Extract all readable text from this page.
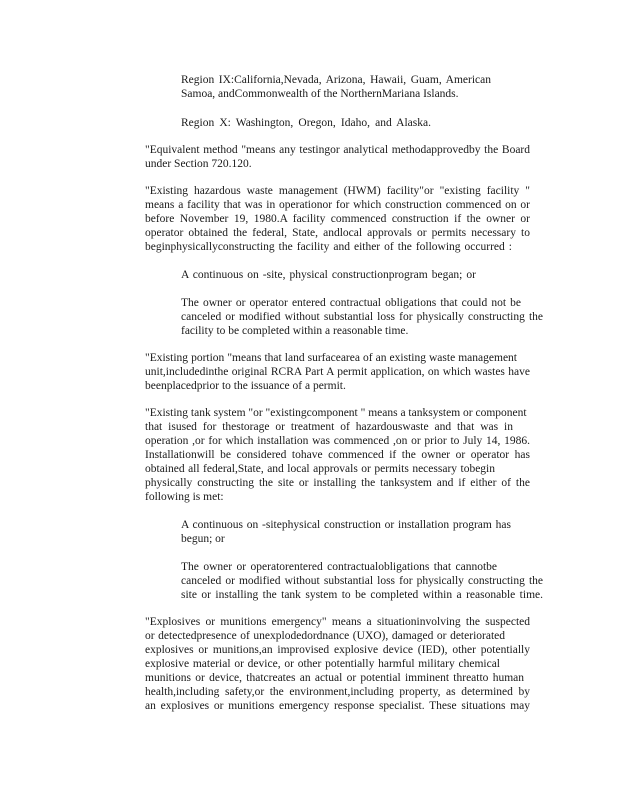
Region IX:California,Nevada, Arizona, Hawaii, Guam, American
Samoa, andCommonwealth of the NorthernMariana Islands.
Region X: Washington, Oregon, Idaho, and Alaska.
"Equivalent method "means any testingor analytical methodapprovedby the Board
under Section 720.120.
"Existing hazardous waste management (HWM) facility"or "existing facility "
means a facility that was in operationor for which construction commenced on or
before November 19, 1980.A facility commenced construction if the owner or
operator obtained the federal, State, andlocal approvals or permits necessary to
beginphysicallyconstructing the facility and either of the following occurred :
A continuous on -site, physical constructionprogram began; or
The owner or operator entered contractual obligations that could not be
canceled or modified without substantial loss for physically constructing the
facility to be completed within a reasonable time.
"Existing portion "means that land surfacearea of an existing waste management
unit,includedinthe original RCRA Part A permit application, on which wastes have
beenplacedprior to the issuance of a permit.
"Existing tank system "or "existingcomponent " means a tanksystem or component
that isused for thestorage or treatment of hazardouswaste and that was in
operation ,or for which installation was commenced ,on or prior to July 14, 1986.
Installationwill be considered tohave commenced if the owner or operator has
obtained all federal,State, and local approvals or permits necessary tobegin
physically constructing the site or installing the tanksystem and if either of the
following is met:
A continuous on -sitephysical construction or installation program has
begun; or
The owner or operatorentered contractualobligations that cannotbe
canceled or modified without substantial loss for physically constructing the
site or installing the tank system to be completed within a reasonable time.
"Explosives or munitions emergency" means a situationinvolving the suspected
or detectedpresence of unexplodedordnance (UXO), damaged or deteriorated
explosives or munitions,an improvised explosive device (IED), other potentially
explosive material or device, or other potentially harmful military chemical
munitions or device, thatcreates an actual or potential imminent threatto human
health,including safety,or the environment,including property, as determined by
an explosives or munitions emergency response specialist. These situations may
